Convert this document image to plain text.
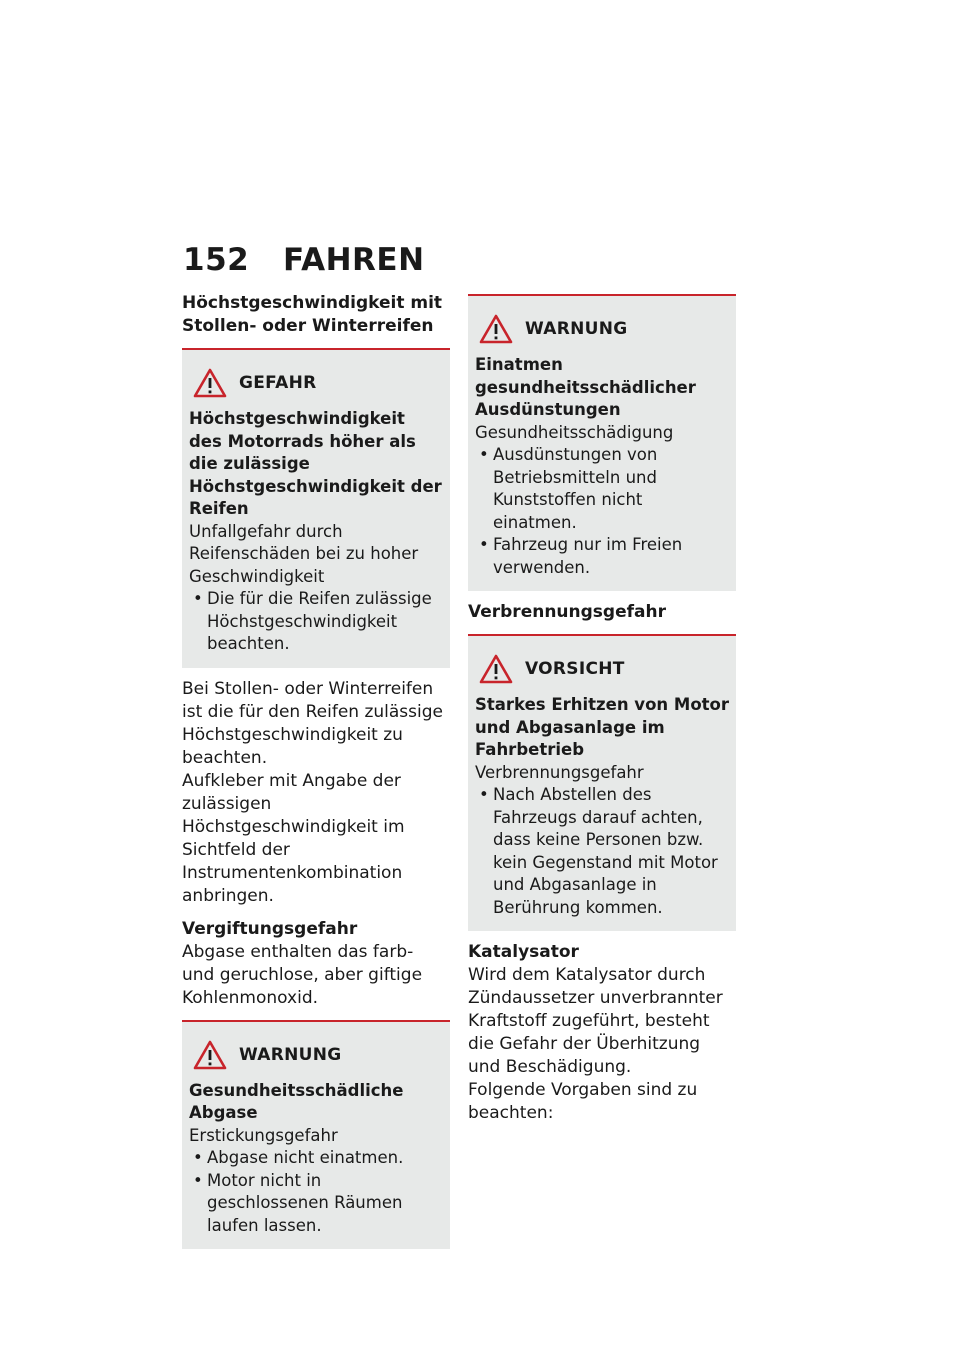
152	FAHREN

Höchstgeschwindigkeit mit Stollen- oder Winterreifen

GEFAHR

Höchstgeschwindigkeit des Motorrads höher als die zulässige Höchstgeschwindigkeit der Reifen

Unfallgefahr durch Reifenschäden bei zu hoher Geschwindigkeit

• Die für die Reifen zulässige Höchstgeschwindigkeit beachten.

Bei Stollen- oder Winterreifen ist die für den Reifen zulässige Höchstgeschwindigkeit zu beachten.

Aufkleber mit Angabe der zulässigen Höchstgeschwindigkeit im Sichtfeld der Instrumentenkombination anbringen.

Vergiftungsgefahr

Abgase enthalten das farb- und geruchlose, aber giftige Kohlenmonoxid.

WARNUNG

Gesundheitsschädliche Abgase

Erstickungsgefahr

• Abgase nicht einatmen.
• Motor nicht in geschlossenen Räumen laufen lassen.
WARNUNG

Einatmen gesundheitsschädlicher Ausdünstungen

Gesundheitsschädigung

• Ausdünstungen von Betriebsmitteln und Kunststoffen nicht einatmen.
• Fahrzeug nur im Freien verwenden.

Verbrennungsgefahr

VORSICHT

Starkes Erhitzen von Motor und Abgasanlage im Fahrbetrieb

Verbrennungsgefahr

• Nach Abstellen des Fahrzeugs darauf achten, dass keine Personen bzw. kein Gegenstand mit Motor und Abgasanlage in Berührung kommen.

Katalysator

Wird dem Katalysator durch Zündaussetzer unverbrannter Kraftstoff zugeführt, besteht die Gefahr der Überhitzung und Beschädigung.

Folgende Vorgaben sind zu beachten:
